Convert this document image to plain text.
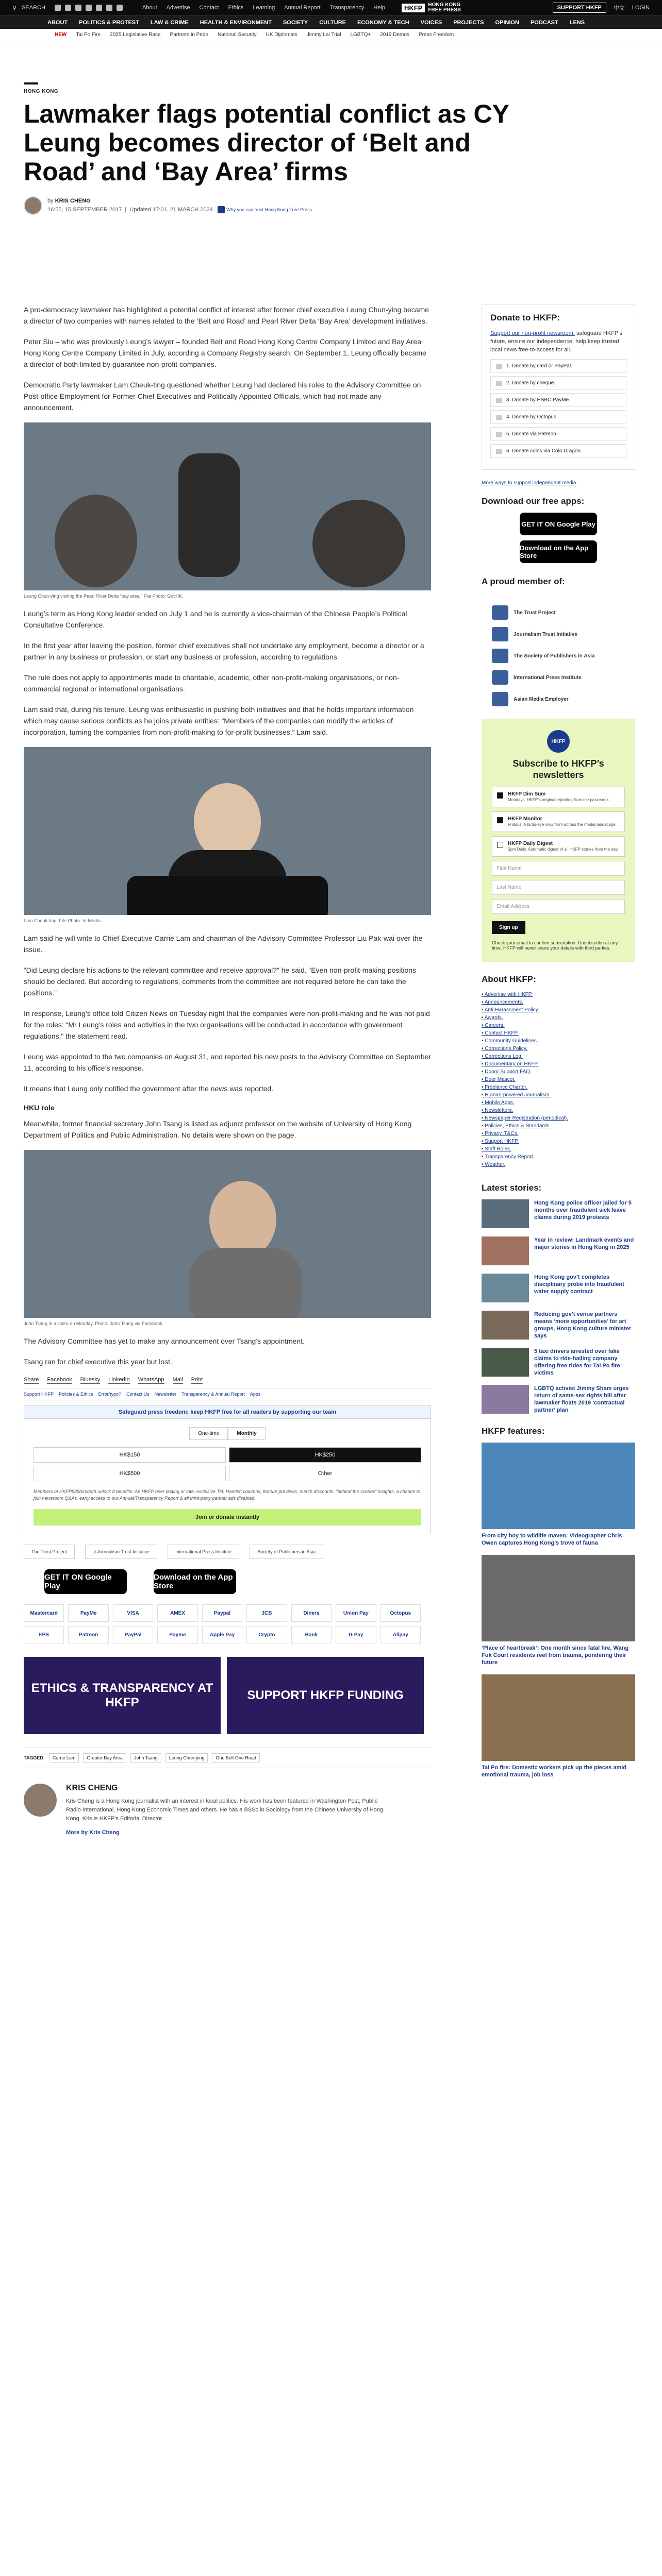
⚲ SEARCH	About Advertise Contact Ethics Learning Annual Report Transparency Help	HKFP	HONG KONG
FREE PRESS	SUPPORT HKFP	中文 LOGIN
ABOUT POLITICS & PROTEST LAW & CRIME HEALTH & ENVIRONMENT SOCIETY CULTURE ECONOMY & TECH VOICES PROJECTS OPINION PODCAST LENS
NEW Tai Po Fire 2025 Legislative Race Partners in Pride National Security UK Diplomats Jimmy Lai Trial LGBTQ+ 2019 Demos Press Freedom
HONG KONG
Lawmaker flags potential conflict as CY Leung becomes director of ‘Belt and Road’ and ‘Bay Area’ firms
by KRIS CHENG
16:55, 15 SEPTEMBER 2017  |  Updated 17:01, 21 MARCH 2024	Why you can trust Hong Kong Free Press

A pro-democracy lawmaker has highlighted a potential conflict of interest after former chief executive Leung Chun-ying became a director of two companies with names related to the ‘Belt and Road’ and Pearl River Delta ‘Bay Area’ development initiatives.

Peter Siu – who was previously Leung’s lawyer – founded Belt and Road Hong Kong Centre Company Limited and Bay Area Hong Kong Centre Company Limited in July, according a Company Registry search. On September 1, Leung officially became a director of both limited by guarantee non-profit companies.

Democratic Party lawmaker Lam Cheuk-ting questioned whether Leung had declared his roles to the Advisory Committee on Post-office Employment for Former Chief Executives and Politically Appointed Officials, which had not made any announcement.

Leung Chun-ying visiting the Pearl River Delta “bay area.” File Photo: GovHK.

Leung’s term as Hong Kong leader ended on July 1 and he is currently a vice-chairman of the Chinese People’s Political Consultative Conference.

In the first year after leaving the position, former chief executives shall not undertake any employment, become a director or a partner in any business or profession, or start any business or profession, according to regulations.

The rule does not apply to appointments made to charitable, academic, other non-profit-making organisations, or non-commercial regional or international organisations.

Lam said that, during his tenure, Leung was enthusiastic in pushing both initiatives and that he holds important information which may cause serious conflicts as he joins private entities: “Members of the companies can modify the articles of incorporation, turning the companies from non-profit-making to for-profit businesses,” Lam said.

Lam Cheuk-ting. File Photo: In-Media.

Lam said he will write to Chief Executive Carrie Lam and chairman of the Advisory Committee Professor Liu Pak-wai over the issue.

“Did Leung declare his actions to the relevant committee and receive approval?” he said. “Even non-profit-making positions should be declared. But according to regulations, comments from the committee are not required before he can take the positions.”

In response, Leung’s office told Citizen News on Tuesday night that the companies were non-profit-making and he was not paid for the roles: “Mr Leung’s roles and activities in the two organisations will be conducted in accordance with government regulations,” the statement read.

Leung was appointed to the two companies on August 31, and reported his new posts to the Advisory Committee on September 11, according to his office’s response.

It means that Leung only notified the government after the news was reported.

HKU role

Meanwhile, former financial secretary John Tsang is listed as adjunct professor on the website of University of Hong Kong Department of Politics and Public Administration. No details were shown on the page.

John Tsang in a video on Monday. Photo: John Tsang via Facebook.

The Advisory Committee has yet to make any announcement over Tsang’s appointment.

Tsang ran for chief executive this year but lost.

Share Facebook Bluesky LinkedIn WhatsApp Mail Print
Support HKFP Policies & Ethics Error/typo? Contact Us Newsletter Transparency & Annual Report Apps
Safeguard press freedom; keep HKFP free for all readers by supporting our team
One-time	Monthly
HK$150	HK$250
HK$500	Other
Members of HKFP$250/month unlock 8 benefits: An HKFP beer tasting or tote, exclusive Tim Hamlett columns, feature previews, merch discounts, “behind the scenes” insights, a chance to join newsroom Q&As, early access to our Annual/Transparency Report & all third-party partner ads disabled.
Join or donate instantly
The Trust Project	jti Journalism Trust Initiative	International Press Institute	Society of Publishers in Asia
GET IT ON Google Play
Download on the App Store
Mastercard	PayMe	VISA	AMEX	Paypal	JCB	Diners	Union Pay	Octopus
FPS	Patreon	PayPal	Payme	Apple Pay	Crypto	Bank	G Pay	Alipay
ETHICS & TRANSPARENCY AT HKFP
SUPPORT HKFP FUNDING
TAGGED:	Carrie Lam	Greater Bay Area	John Tsang	Leung Chun-ying	One Belt One Road
KRIS CHENG
Kris Cheng is a Hong Kong journalist with an interest in local politics. His work has been featured in Washington Post, Public Radio International, Hong Kong Economic Times and others. He has a BSSc in Sociology from the Chinese University of Hong Kong. Kris is HKFP’s Editorial Director.
More by Kris Cheng
Donate to HKFP:

Support our non-profit newsroom: safeguard HKFP’s future, ensure our independence, help keep trusted local news free-to-access for all.

1. Donate by card or PayPal.
2. Donate by cheque.
3. Donate by HSBC PayMe.
4. Donate by Octopus.
5. Donate via Patreon.
6. Donate coins via Coin Dragon.
More ways to support independent media.
Download our free apps:
GET IT ON Google Play
Download on the App Store
A proud member of:
The Trust Project
Journalism Trust Initiative
The Society of Publishers in Asia
International Press Institute
Asian Media Employer
HKFP
Subscribe to HKFP’s newsletters
HKFP Dim Sum
Mondays. HKFP’s original reporting from the past week.
HKFP Monitor
Fridays. A birds-eye view from across the media landscape.
HKFP Daily Digest
5pm Daily. Automatic digest of all HKFP stories from the day.
First Name
Last Name
Email Address
Sign up
Check your email to confirm subscription. Unsubscribe at any time. HKFP will never share your details with third parties.
About HKFP:
• Advertise with HKFP.
• Announcements.
• Anti-Harassment Policy.
• Awards.
• Careers.
• Contact HKFP.
• Community Guidelines.
• Corrections Policy.
• Corrections Log.
• Documentary on HKFP.
• Donor Support FAQ.
• Deer Mascot.
• Freelance Charter.
• Human-powered Journalism.
• Mobile Apps.
• Newsletters.
• Newspaper Registration (periodical).
• Policies, Ethics & Standards.
• Privacy, T&Cs.
• Support HKFP.
• Staff Roles.
• Transparency Report.
• Weather.
Latest stories:
Hong Kong police officer jailed for 5 months over fraudulent sick leave claims during 2019 protests
Year in review: Landmark events and major stories in Hong Kong in 2025
Hong Kong gov’t completes disciplinary probe into fraudulent water supply contract
Reducing gov’t venue partners means ‘more opportunities’ for art groups, Hong Kong culture minister says
5 taxi drivers arrested over fake claims to ride-hailing company offering free rides for Tai Po fire victims
LGBTQ activist Jimmy Sham urges return of same-sex rights bill after lawmaker floats 2019 ‘contractual partner’ plan
HKFP features:
From city boy to wildlife maven: Videographer Chris Owen captures Hong Kong’s trove of fauna
‘Place of heartbreak’: One month since fatal fire, Wang Fuk Court residents reel from trauma, pondering their future
Tai Po fire: Domestic workers pick up the pieces amid emotional trauma, job loss
